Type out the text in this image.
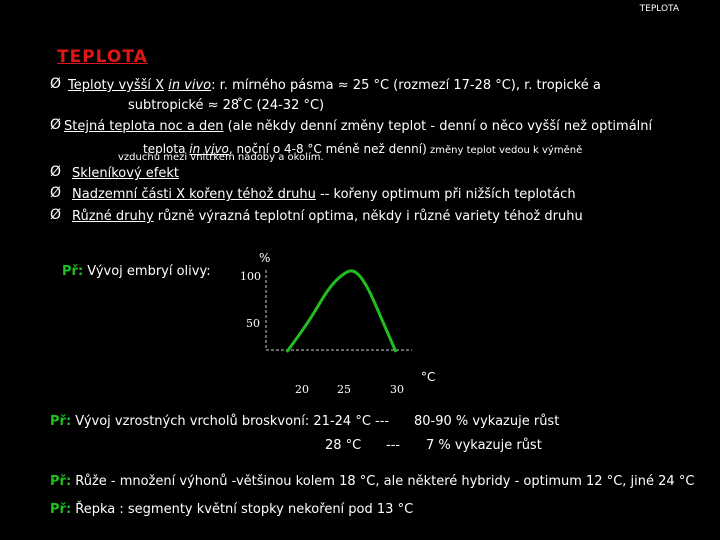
TEPLOTA
TEPLOTA
Ø Teploty vyšší X in vivo: r. mírného pásma ≈ 25 °C (rozmezí 17-28 °C), r. tropické a
subtropické ≈ 28 ̊C (24-32 °C)
Ø Stejná teplota noc a den (ale někdy denní změny teplot - denní o něco vyšší než optimální
teplota in vivo, noční o 4-8 °C méně než denní) změny teplot vedou k výměně
vzduchu mezi vnitřkem nádoby a okolím.
Ø Skleníkový efekt
Ø Nadzemní části X kořeny téhož druhu -- kořeny optimum při nižších teplotách
Ø Různé druhy různě výrazná teplotní optima, někdy i různé variety téhož druhu
Př: Vývoj embryí olivy:
%
100
50
20	25	30
°C
Př: Vývoj vzrostných vrcholů broskvoní: 21-24 °C --- 80-90 % vykazuje růst
28 °C --- 7 % vykazuje růst
Př: Růže - množení výhonů -většinou kolem 18 °C, ale některé hybridy - optimum 12 °C, jiné 24 °C
Př: Řepka : segmenty květní stopky nekoření pod 13 °C
